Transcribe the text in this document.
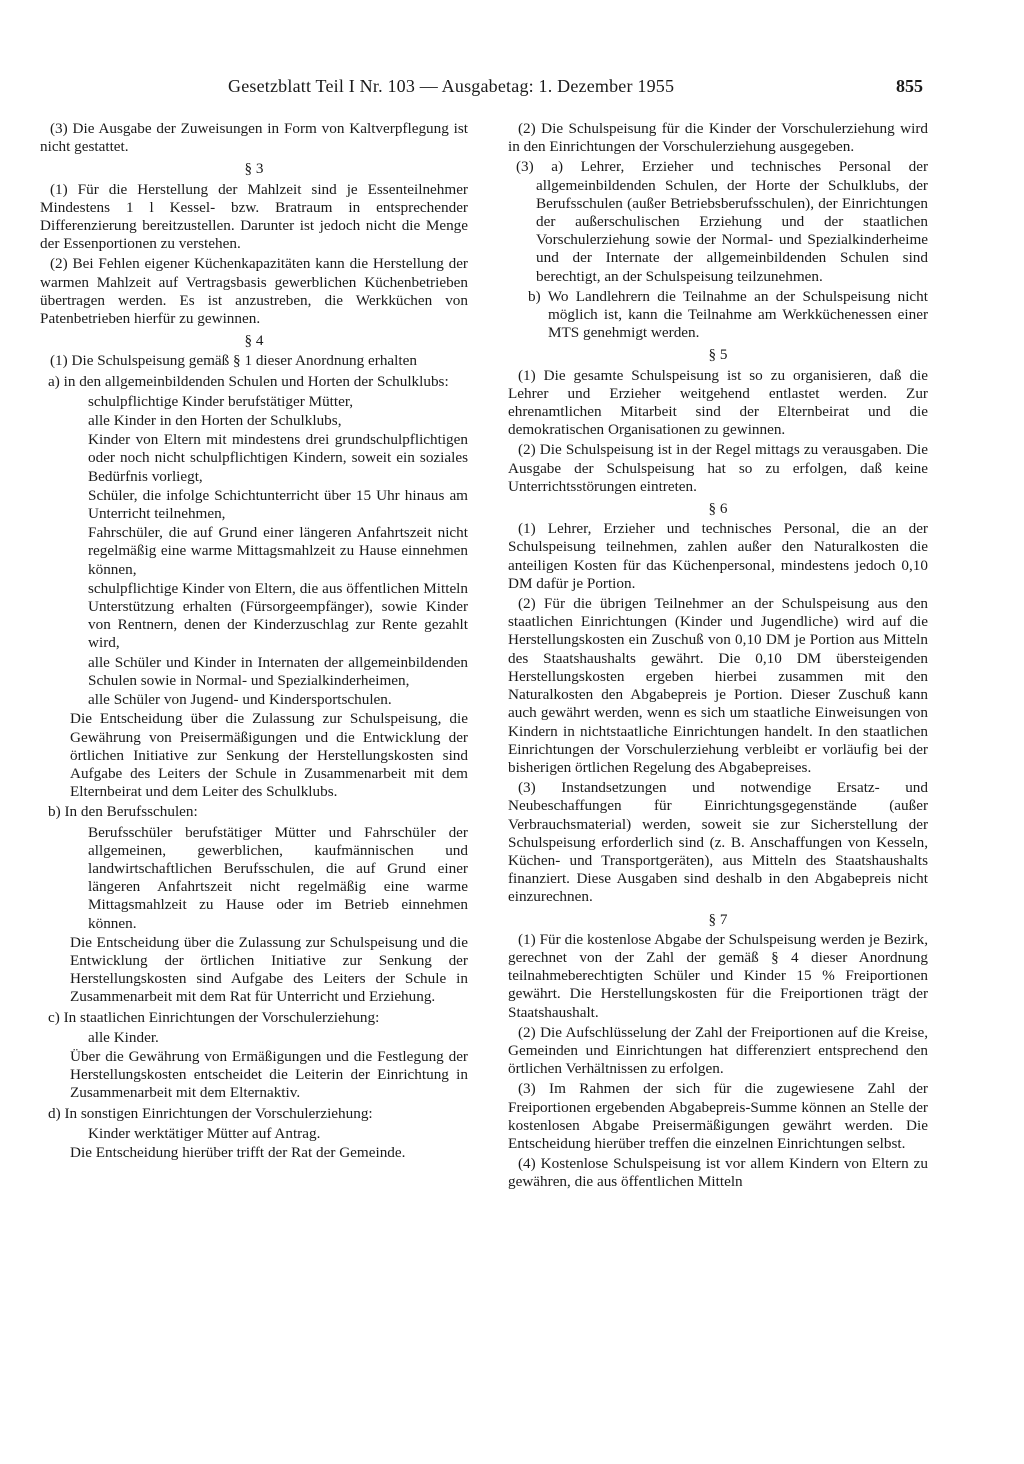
Gesetzblatt Teil I Nr. 103 — Ausgabetag: 1. Dezember 1955	855

(3) Die Ausgabe der Zuweisungen in Form von Kaltverpflegung ist nicht gestattet.

§ 3

(1) Für die Herstellung der Mahlzeit sind je Essenteilnehmer Mindestens 1 l Kessel- bzw. Bratraum in entsprechender Differenzierung bereitzustellen. Darunter ist jedoch nicht die Menge der Essenportionen zu verstehen.

(2) Bei Fehlen eigener Küchenkapazitäten kann die Herstellung der warmen Mahlzeit auf Vertragsbasis gewerblichen Küchenbetrieben übertragen werden. Es ist anzustreben, die Werkküchen von Patenbetrieben hierfür zu gewinnen.

§ 4

(1) Die Schulspeisung gemäß § 1 dieser Anordnung erhalten

a) in den allgemeinbildenden Schulen und Horten der Schulklubs:
schulpflichtige Kinder berufstätiger Mütter,
alle Kinder in den Horten der Schulklubs,
Kinder von Eltern mit mindestens drei grundschulpflichtigen oder noch nicht schulpflichtigen Kindern, soweit ein soziales Bedürfnis vorliegt,
Schüler, die infolge Schichtunterricht über 15 Uhr hinaus am Unterricht teilnehmen,
Fahrschüler, die auf Grund einer längeren Anfahrtszeit nicht regelmäßig eine warme Mittagsmahlzeit zu Hause einnehmen können,
schulpflichtige Kinder von Eltern, die aus öffentlichen Mitteln Unterstützung erhalten (Fürsorgeempfänger), sowie Kinder von Rentnern, denen der Kinderzuschlag zur Rente gezahlt wird,
alle Schüler und Kinder in Internaten der allgemeinbildenden Schulen sowie in Normal- und Spezialkinderheimen,
alle Schüler von Jugend- und Kindersportschulen.
Die Entscheidung über die Zulassung zur Schulspeisung, die Gewährung von Preisermäßigungen und die Entwicklung der örtlichen Initiative zur Senkung der Herstellungskosten sind Aufgabe des Leiters der Schule in Zusammenarbeit mit dem Elternbeirat und dem Leiter des Schulklubs.
b) In den Berufsschulen:
Berufsschüler berufstätiger Mütter und Fahrschüler der allgemeinen, gewerblichen, kaufmännischen und landwirtschaftlichen Berufsschulen, die auf Grund einer längeren Anfahrtszeit nicht regelmäßig eine warme Mittagsmahlzeit zu Hause oder im Betrieb einnehmen können.
Die Entscheidung über die Zulassung zur Schulspeisung und die Entwicklung der örtlichen Initiative zur Senkung der Herstellungskosten sind Aufgabe des Leiters der Schule in Zusammenarbeit mit dem Rat für Unterricht und Erziehung.
c) In staatlichen Einrichtungen der Vorschulerziehung:
alle Kinder.
Über die Gewährung von Ermäßigungen und die Festlegung der Herstellungskosten entscheidet die Leiterin der Einrichtung in Zusammenarbeit mit dem Elternaktiv.
d) In sonstigen Einrichtungen der Vorschulerziehung:
Kinder werktätiger Mütter auf Antrag.
Die Entscheidung hierüber trifft der Rat der Gemeinde.

(2) Die Schulspeisung für die Kinder der Vorschulerziehung wird in den Einrichtungen der Vorschulerziehung ausgegeben.

(3) a) Lehrer, Erzieher und technisches Personal der allgemeinbildenden Schulen, der Horte der Schulklubs, der Berufsschulen (außer Betriebsberufsschulen), der Einrichtungen der außerschulischen Erziehung und der staatlichen Vorschulerziehung sowie der Normal- und Spezialkinderheime und der Internate der allgemeinbildenden Schulen sind berechtigt, an der Schulspeisung teilzunehmen.
b) Wo Landlehrern die Teilnahme an der Schulspeisung nicht möglich ist, kann die Teilnahme am Werkküchenessen einer MTS genehmigt werden.

§ 5

(1) Die gesamte Schulspeisung ist so zu organisieren, daß die Lehrer und Erzieher weitgehend entlastet werden. Zur ehrenamtlichen Mitarbeit sind der Elternbeirat und die demokratischen Organisationen zu gewinnen.

(2) Die Schulspeisung ist in der Regel mittags zu verausgaben. Die Ausgabe der Schulspeisung hat so zu erfolgen, daß keine Unterrichtsstörungen eintreten.

§ 6

(1) Lehrer, Erzieher und technisches Personal, die an der Schulspeisung teilnehmen, zahlen außer den Naturalkosten die anteiligen Kosten für das Küchenpersonal, mindestens jedoch 0,10 DM dafür je Portion.

(2) Für die übrigen Teilnehmer an der Schulspeisung aus den staatlichen Einrichtungen (Kinder und Jugendliche) wird auf die Herstellungskosten ein Zuschuß von 0,10 DM je Portion aus Mitteln des Staatshaushalts gewährt. Die 0,10 DM übersteigenden Herstellungskosten ergeben hierbei zusammen mit den Naturalkosten den Abgabepreis je Portion. Dieser Zuschuß kann auch gewährt werden, wenn es sich um staatliche Einweisungen von Kindern in nichtstaatliche Einrichtungen handelt. In den staatlichen Einrichtungen der Vorschulerziehung verbleibt er vorläufig bei der bisherigen örtlichen Regelung des Abgabepreises.

(3) Instandsetzungen und notwendige Ersatz- und Neubeschaffungen für Einrichtungsgegenstände (außer Verbrauchsmaterial) werden, soweit sie zur Sicherstellung der Schulspeisung erforderlich sind (z. B. Anschaffungen von Kesseln, Küchen- und Transportgeräten), aus Mitteln des Staatshaushalts finanziert. Diese Ausgaben sind deshalb in den Abgabepreis nicht einzurechnen.

§ 7

(1) Für die kostenlose Abgabe der Schulspeisung werden je Bezirk, gerechnet von der Zahl der gemäß § 4 dieser Anordnung teilnahmeberechtigten Schüler und Kinder 15 % Freiportionen gewährt. Die Herstellungskosten für die Freiportionen trägt der Staatshaushalt.

(2) Die Aufschlüsselung der Zahl der Freiportionen auf die Kreise, Gemeinden und Einrichtungen hat differenziert entsprechend den örtlichen Verhältnissen zu erfolgen.

(3) Im Rahmen der sich für die zugewiesene Zahl der Freiportionen ergebenden Abgabepreis-Summe können an Stelle der kostenlosen Abgabe Preisermäßigungen gewährt werden. Die Entscheidung hierüber treffen die einzelnen Einrichtungen selbst.

(4) Kostenlose Schulspeisung ist vor allem Kindern von Eltern zu gewähren, die aus öffentlichen Mitteln
